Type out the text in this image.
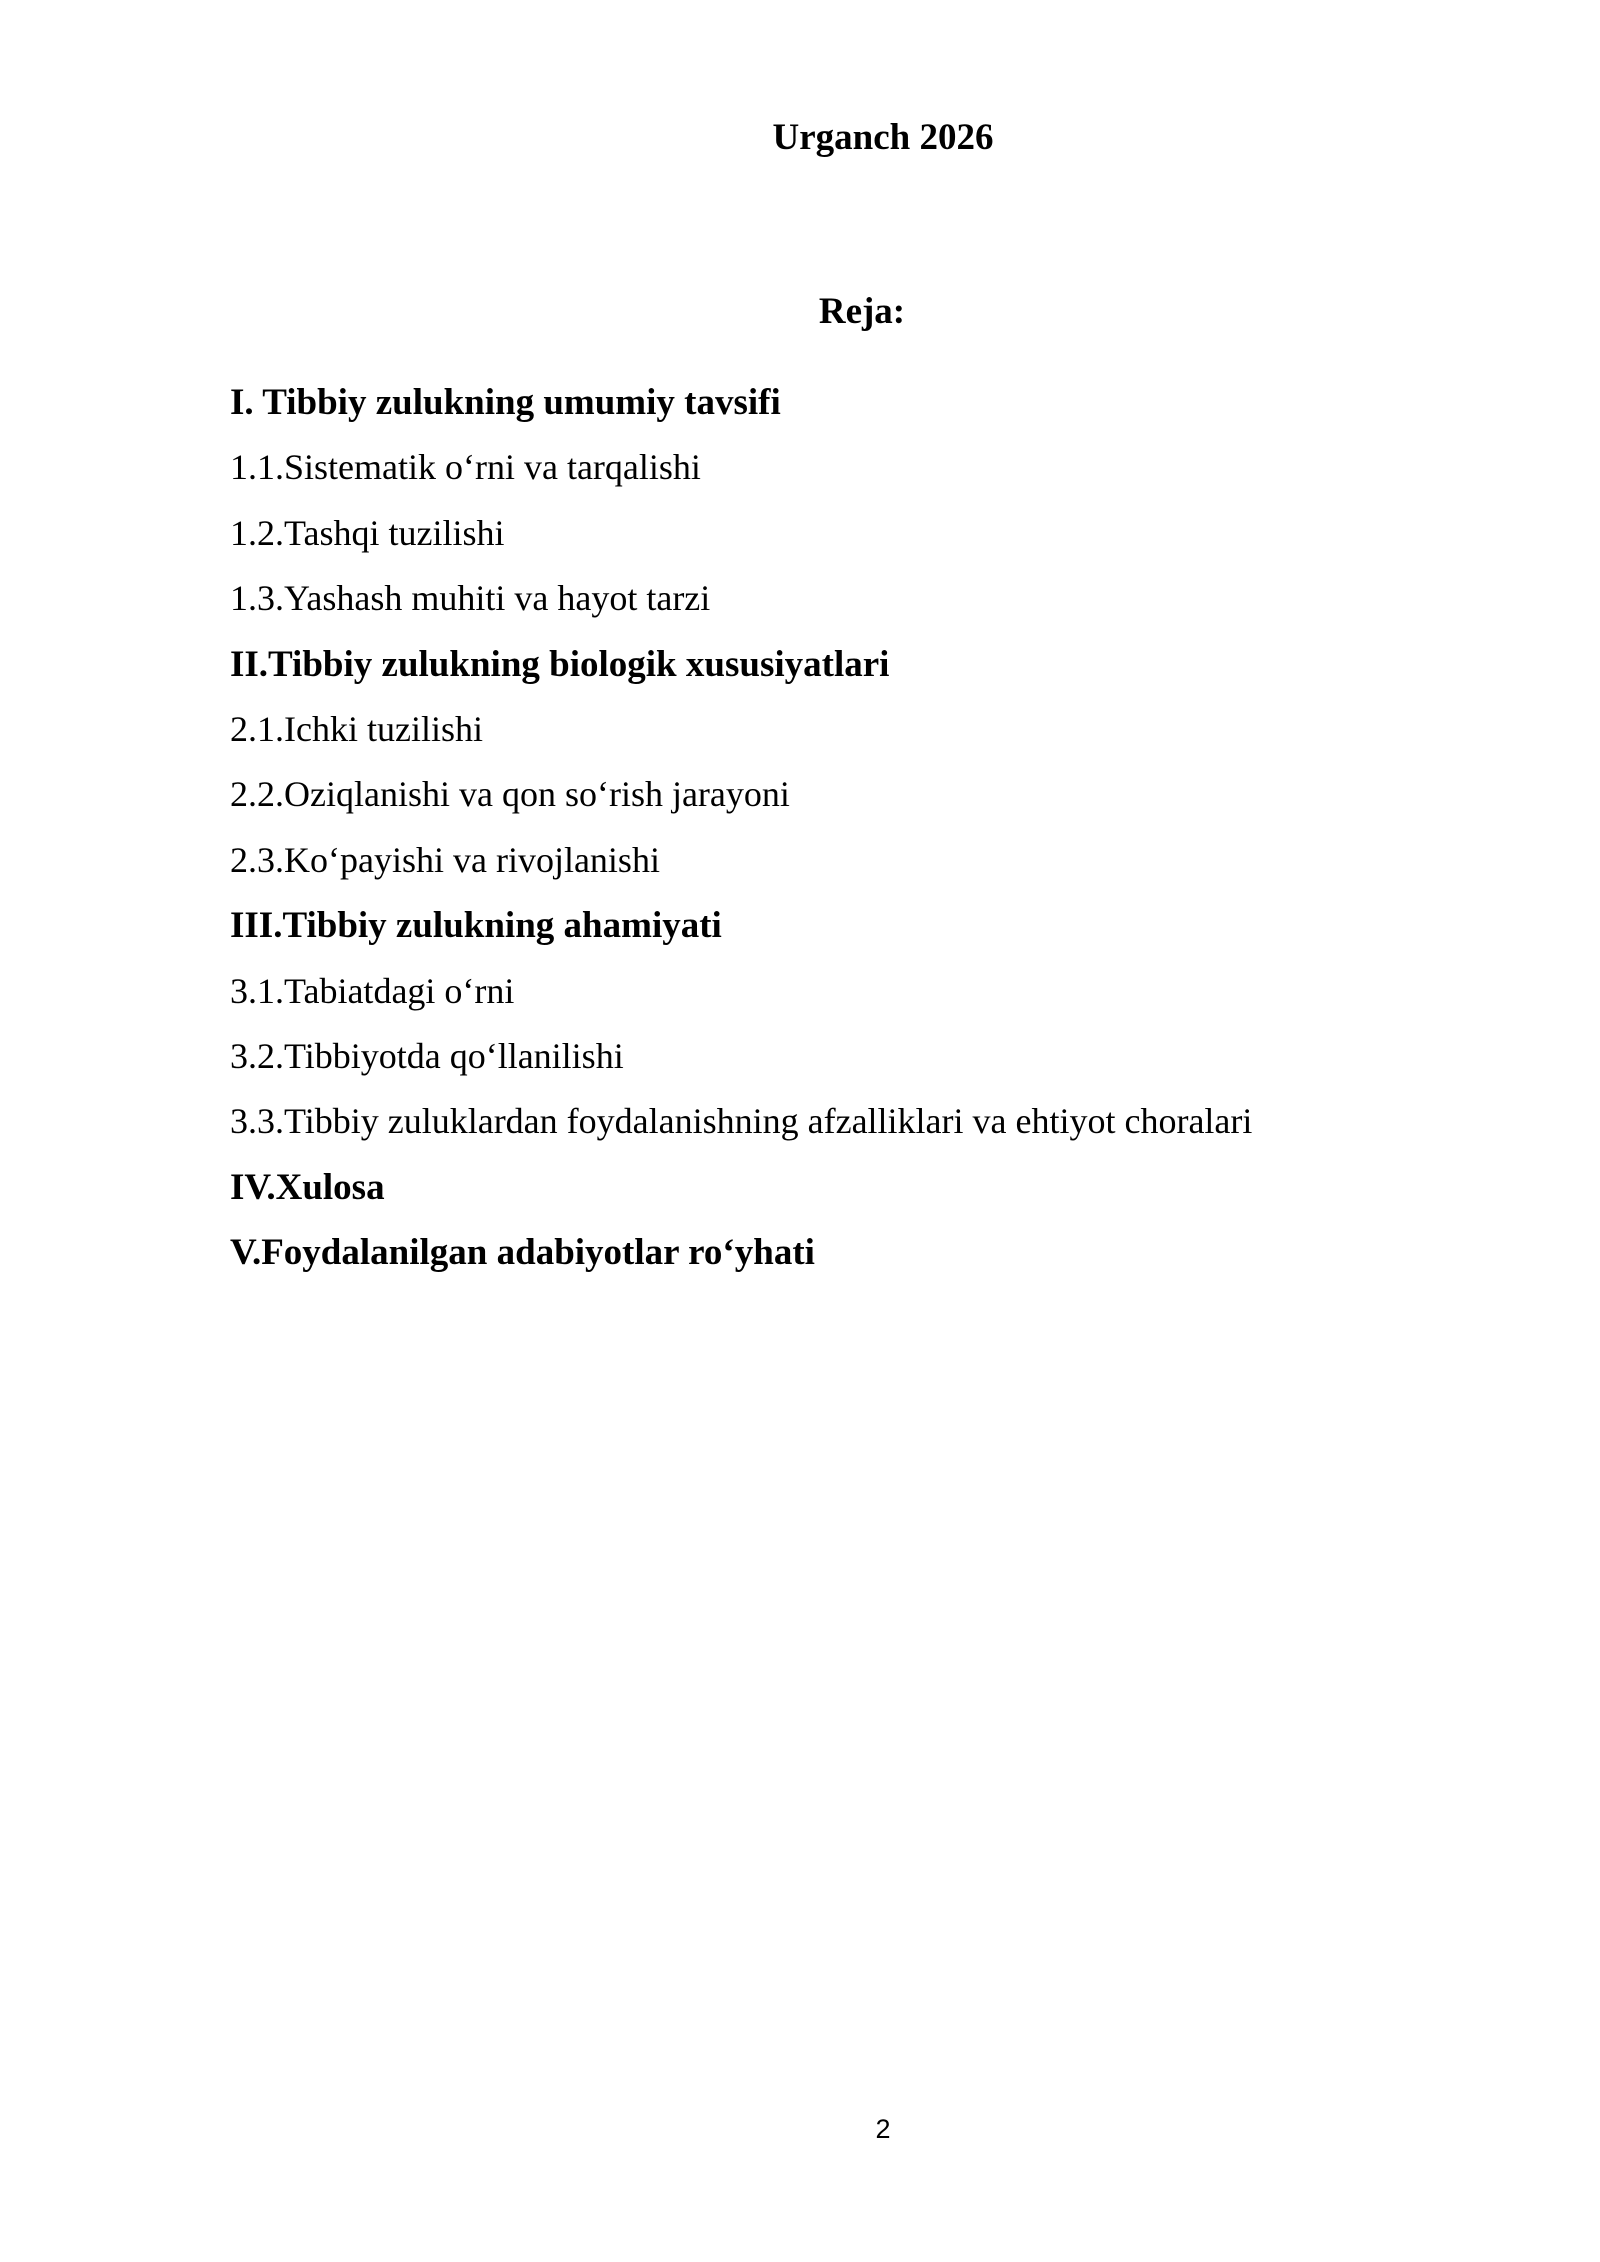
Urganch 2026
Reja:
I. Tibbiy zulukning umumiy tavsifi
1.1.Sistematik o‘rni va tarqalishi
1.2.Tashqi tuzilishi
1.3.Yashash muhiti va hayot tarzi
II.Tibbiy zulukning biologik xususiyatlari
2.1.Ichki tuzilishi
2.2.Oziqlanishi va qon so‘rish jarayoni
2.3.Ko‘payishi va rivojlanishi
III.Tibbiy zulukning ahamiyati
3.1.Tabiatdagi o‘rni
3.2.Tibbiyotda qo‘llanilishi
3.3.Tibbiy zuluklardan foydalanishning afzalliklari va ehtiyot choralari
IV.Xulosa
V.Foydalanilgan adabiyotlar ro‘yhati
2
